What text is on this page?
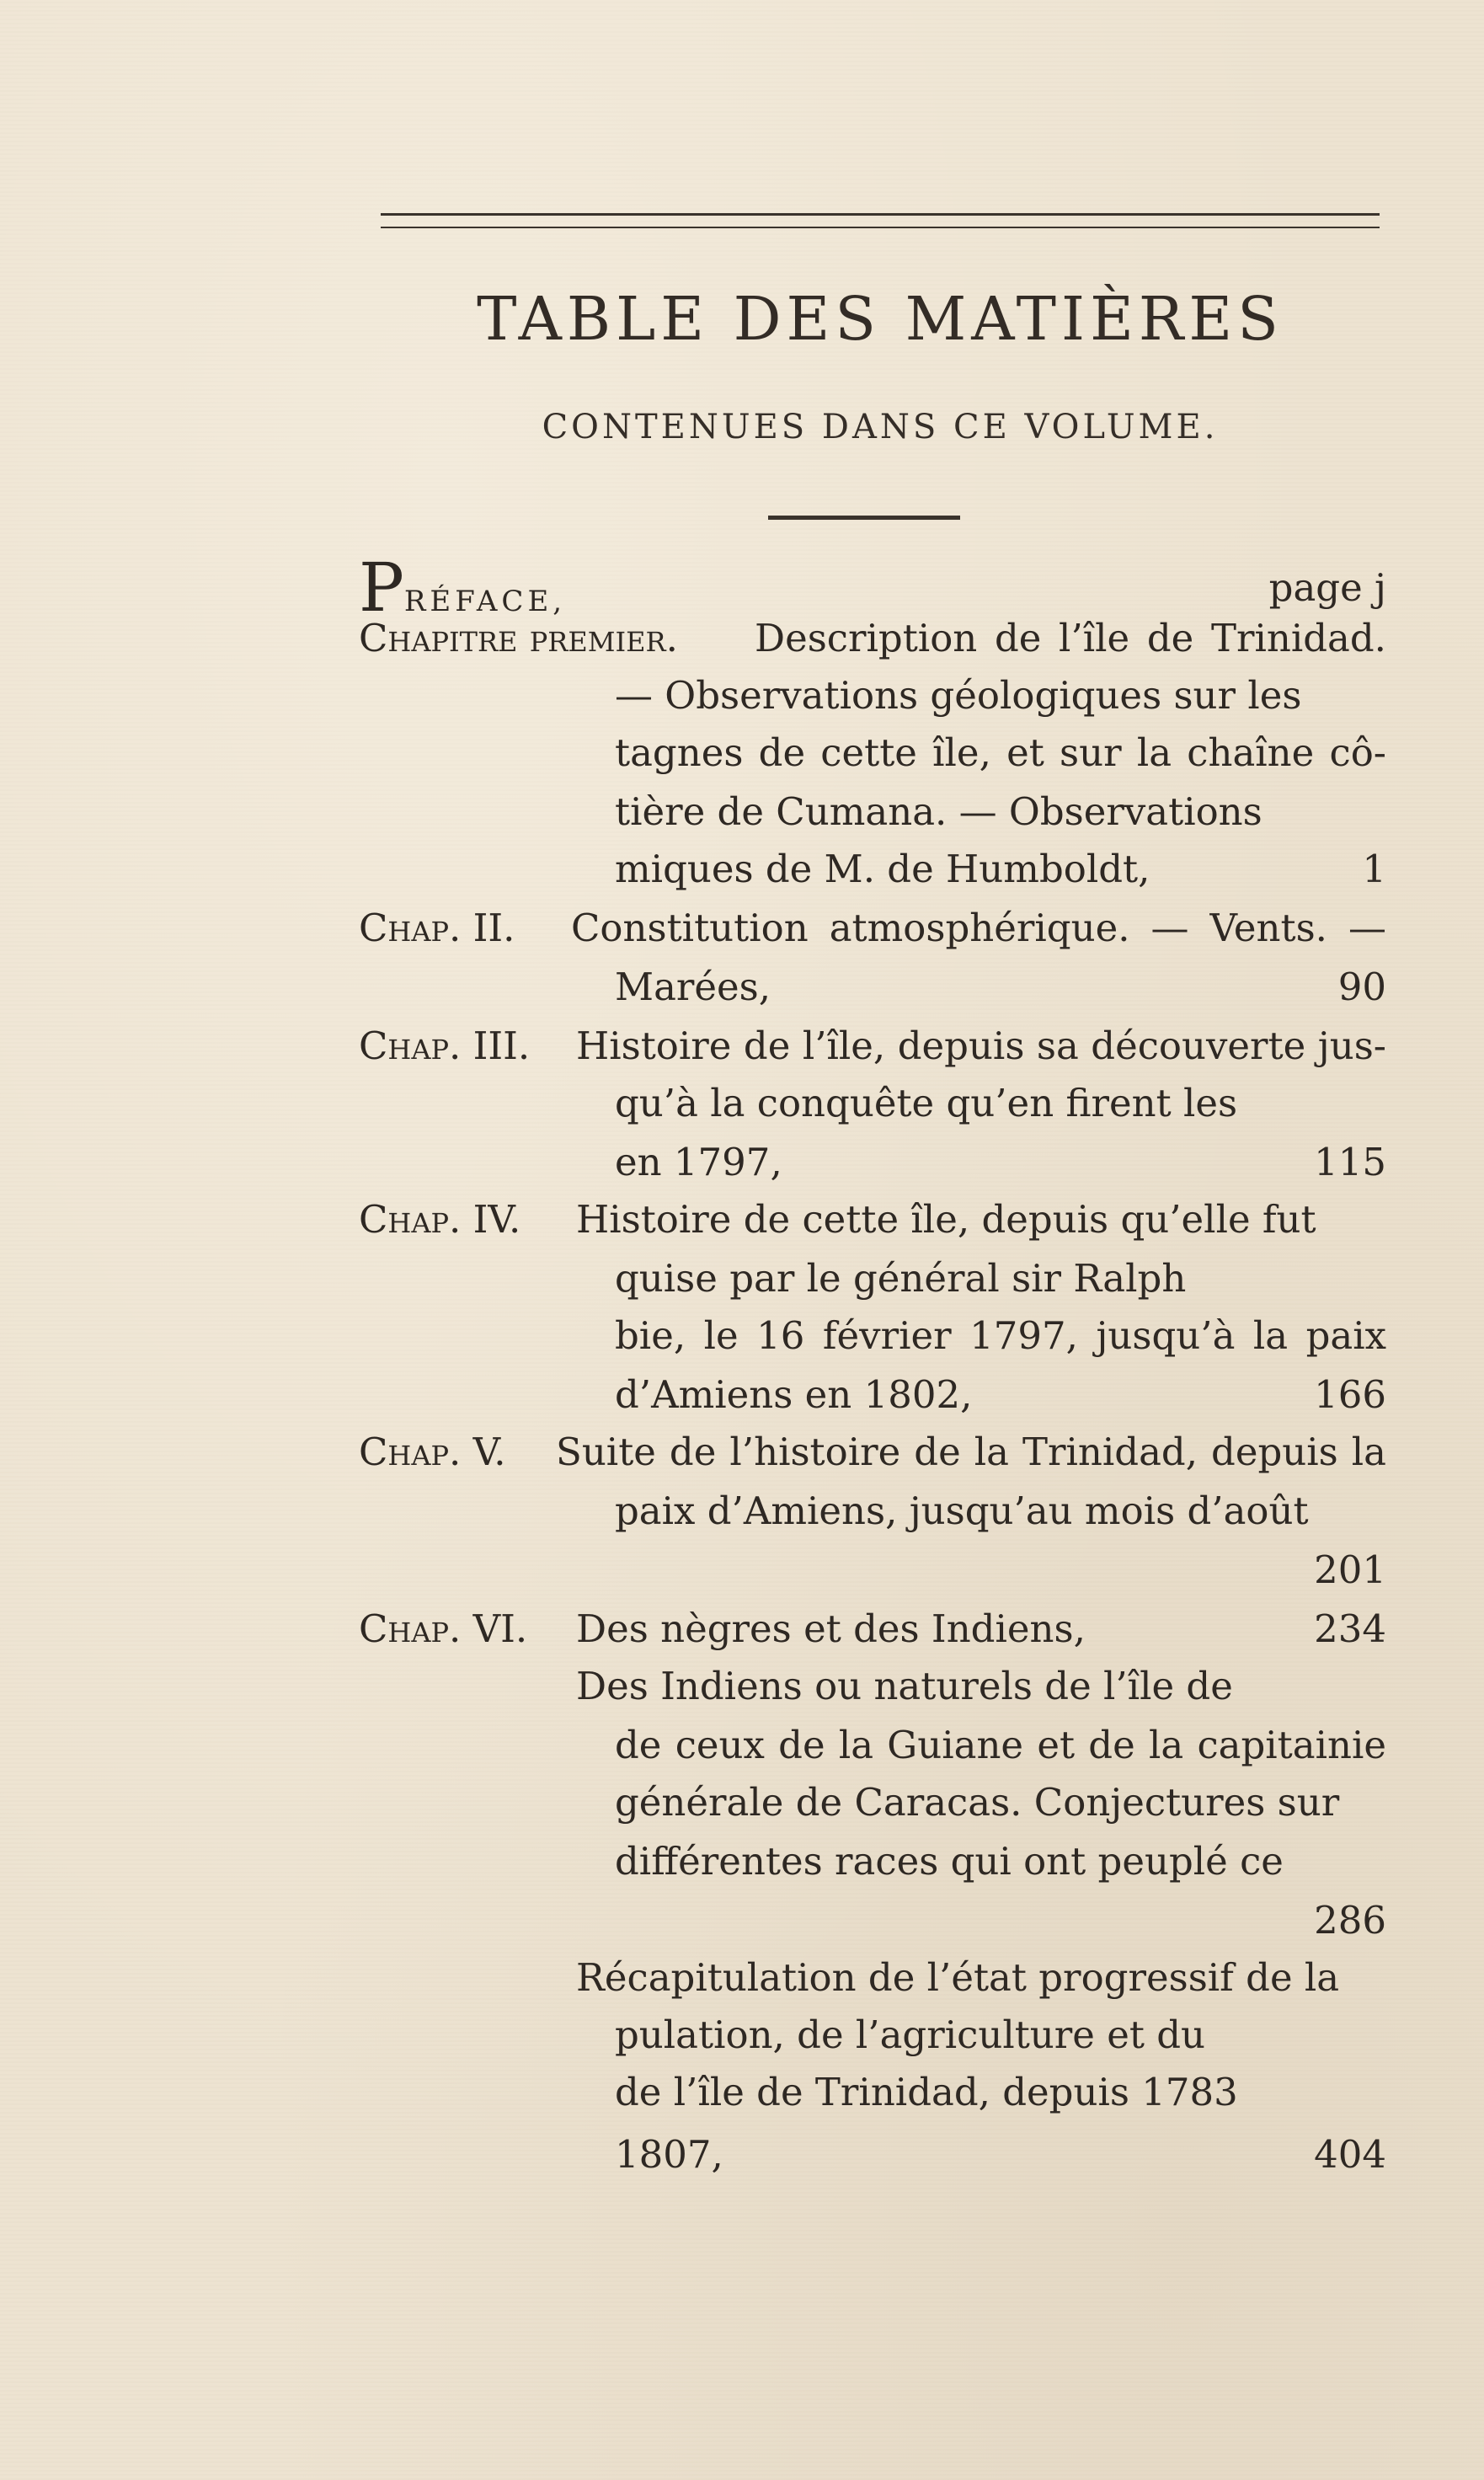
TABLE DES MATIÈRES
CONTENUES DANS CE VOLUME.
PRÉFACE,	page j
Chapitre premier.	Description de l’île de Trinidad.
— Observations géologiques sur les
tagnes de cette île, et sur la chaîne cô-
tière de Cumana. — Observations
miques de M. de Humboldt,	1
Chap. II.	Constitution atmosphérique. — Vents. —
Marées,	90
Chap. III.	Histoire de l’île, depuis sa découverte jus-
qu’à la conquête qu’en firent les
en 1797,	115
Chap. IV.	Histoire de cette île, depuis qu’elle fut
quise par le général sir Ralph
bie, le 16 février 1797, jusqu’à la paix
d’Amiens en 1802,	166
Chap. V.	Suite de l’histoire de la Trinidad, depuis la
paix d’Amiens, jusqu’au mois d’août
201
Chap. VI.	Des nègres et des Indiens,	234
Des Indiens ou naturels de l’île de
de ceux de la Guiane et de la capitainie
générale de Caracas. Conjectures sur
différentes races qui ont peuplé ce
286
Récapitulation de l’état progressif de la
pulation, de l’agriculture et du
de l’île de Trinidad, depuis 1783
1807,	404
